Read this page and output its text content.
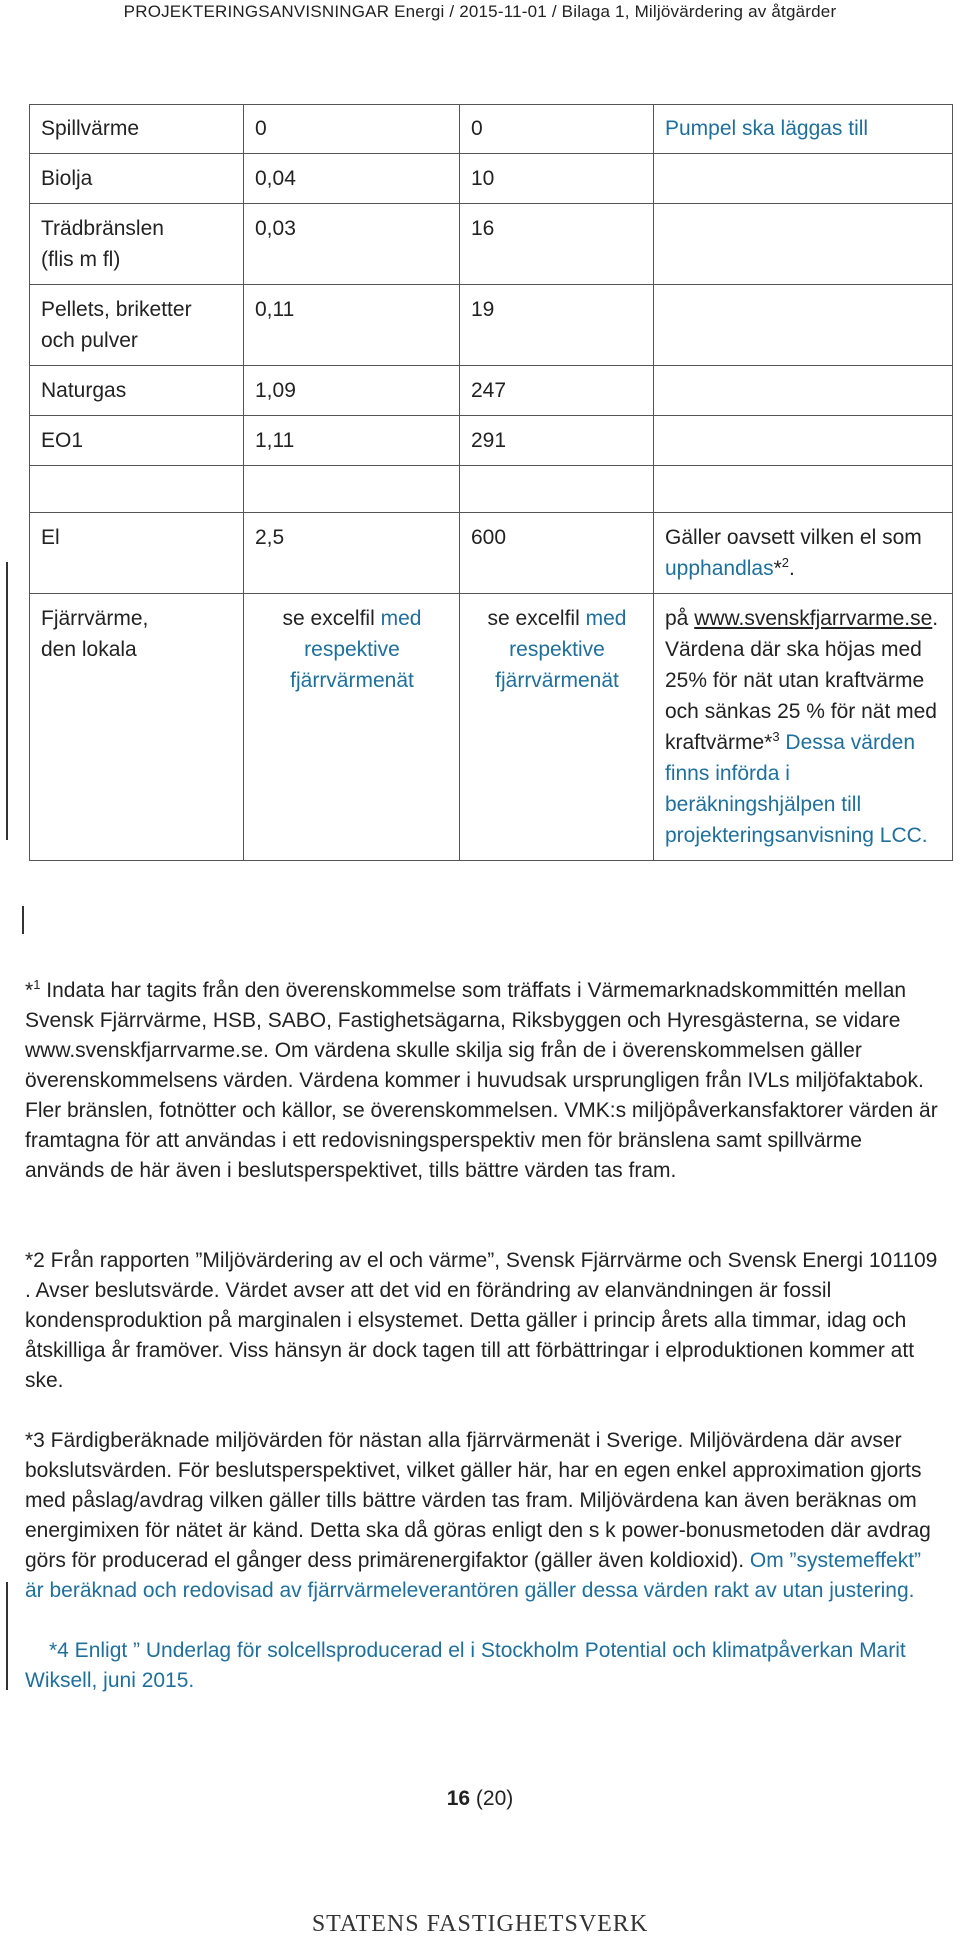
PROJEKTERINGSANVISNINGAR Energi / 2015-11-01 / Bilaga 1, Miljövärdering av åtgärder
Spillvärme	0	0	Pumpel ska läggas till
Biolja	0,04	10	
Trädbränslen
(flis m fl)	0,03	16	
Pellets, briketter
och pulver	0,11	19	
Naturgas	1,09	247	
EO1	1,11	291	

El	2,5	600	Gäller oavsett vilken el som upphandlas*$^2$.
Fjärrvärme,
den lokala	se excelfil med respektive fjärrvärmenät	se excelfil med respektive fjärrvärmenät	på www.svenskfjarrvarme.se. Värdena där ska höjas med 25% för nät utan kraftvärme och sänkas 25 % för nät med kraftvärme*$^3$ Dessa värden finns införda i beräkningshjälpen till projekteringsanvisning LCC.

*$^1$ Indata har tagits från den överenskommelse som träffats i Värmemarknadskommittén mellan Svensk Fjärrvärme, HSB, SABO, Fastighetsägarna, Riksbyggen och Hyresgästerna, se vidare www.svenskfjarrvarme.se. Om värdena skulle skilja sig från de i överenskommelsen gäller överenskommelsens värden. Värdena kommer i huvudsak ursprungligen från IVLs miljöfaktabok. Fler bränslen, fotnötter och källor, se överenskommelsen. VMK:s miljöpåverkansfaktorer värden är framtagna för att användas i ett redovisningsperspektiv men för bränslena samt spillvärme används de här även i beslutsperspektivet, tills bättre värden tas fram.

*2 Från rapporten ”Miljövärdering av el och värme”, Svensk Fjärrvärme och Svensk Energi 101109 . Avser beslutsvärde. Värdet avser att det vid en förändring av elanvändningen är fossil kondensproduktion på marginalen i elsystemet. Detta gäller i princip årets alla timmar, idag och åtskilliga år framöver. Viss hänsyn är dock tagen till att förbättringar i elproduktionen kommer att ske.

*3 Färdigberäknade miljövärden för nästan alla fjärrvärmenät i Sverige. Miljövärdena där avser bokslutsvärden. För beslutsperspektivet, vilket gäller här, har en egen enkel approximation gjorts med påslag/avdrag vilken gäller tills bättre värden tas fram. Miljövärdena kan även beräknas om energimixen för nätet är känd. Detta ska då göras enligt den s k power-bonusmetoden där avdrag görs för producerad el gånger dess primärenergifaktor (gäller även koldioxid). Om ”systemeffekt” är beräknad och redovisad av fjärrvärmeleverantören gäller dessa värden rakt av utan justering.

*4 Enligt ” Underlag för solcellsproducerad el i Stockholm Potential och klimatpåverkan Marit Wiksell, juni 2015.

16 (20)
STATENS FASTIGHETSVERK
